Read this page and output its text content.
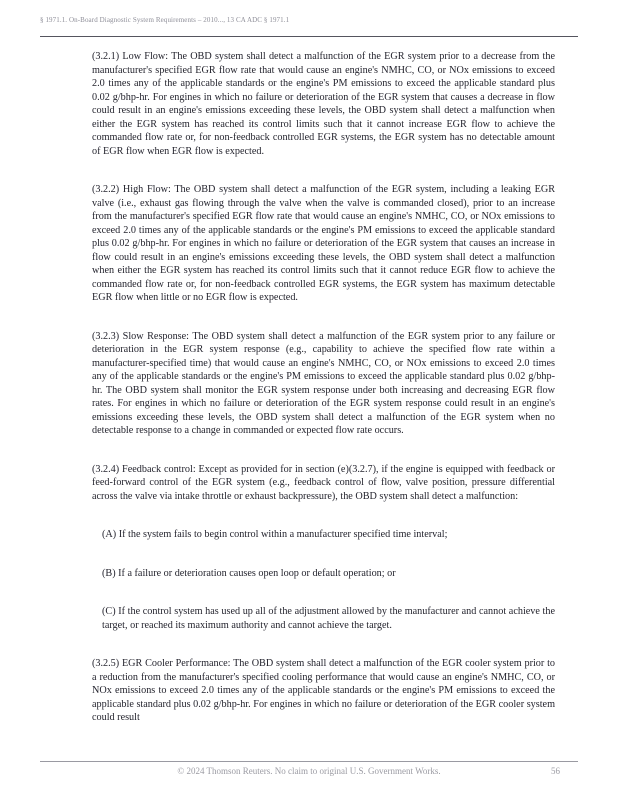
§ 1971.1. On-Board Diagnostic System Requirements – 2010..., 13 CA ADC § 1971.1

(3.2.1) Low Flow: The OBD system shall detect a malfunction of the EGR system prior to a decrease from the manufacturer's specified EGR flow rate that would cause an engine's NMHC, CO, or NOx emissions to exceed 2.0 times any of the applicable standards or the engine's PM emissions to exceed the applicable standard plus 0.02 g/bhp-hr. For engines in which no failure or deterioration of the EGR system that causes a decrease in flow could result in an engine's emissions exceeding these levels, the OBD system shall detect a malfunction when either the EGR system has reached its control limits such that it cannot increase EGR flow to achieve the commanded flow rate or, for non-feedback controlled EGR systems, the EGR system has no detectable amount of EGR flow when EGR flow is expected.

(3.2.2) High Flow: The OBD system shall detect a malfunction of the EGR system, including a leaking EGR valve (i.e., exhaust gas flowing through the valve when the valve is commanded closed), prior to an increase from the manufacturer's specified EGR flow rate that would cause an engine's NMHC, CO, or NOx emissions to exceed 2.0 times any of the applicable standards or the engine's PM emissions to exceed the applicable standard plus 0.02 g/bhp-hr. For engines in which no failure or deterioration of the EGR system that causes an increase in flow could result in an engine's emissions exceeding these levels, the OBD system shall detect a malfunction when either the EGR system has reached its control limits such that it cannot reduce EGR flow to achieve the commanded flow rate or, for non-feedback controlled EGR systems, the EGR system has maximum detectable EGR flow when little or no EGR flow is expected.

(3.2.3) Slow Response: The OBD system shall detect a malfunction of the EGR system prior to any failure or deterioration in the EGR system response (e.g., capability to achieve the specified flow rate within a manufacturer-specified time) that would cause an engine's NMHC, CO, or NOx emissions to exceed 2.0 times any of the applicable standards or the engine's PM emissions to exceed the applicable standard plus 0.02 g/bhp-hr. The OBD system shall monitor the EGR system response under both increasing and decreasing EGR flow rates. For engines in which no failure or deterioration of the EGR system response could result in an engine's emissions exceeding these levels, the OBD system shall detect a malfunction of the EGR system when no detectable response to a change in commanded or expected flow rate occurs.

(3.2.4) Feedback control: Except as provided for in section (e)(3.2.7), if the engine is equipped with feedback or feed-forward control of the EGR system (e.g., feedback control of flow, valve position, pressure differential across the valve via intake throttle or exhaust backpressure), the OBD system shall detect a malfunction:

(A) If the system fails to begin control within a manufacturer specified time interval;

(B) If a failure or deterioration causes open loop or default operation; or

(C) If the control system has used up all of the adjustment allowed by the manufacturer and cannot achieve the target, or reached its maximum authority and cannot achieve the target.

(3.2.5) EGR Cooler Performance: The OBD system shall detect a malfunction of the EGR cooler system prior to a reduction from the manufacturer's specified cooling performance that would cause an engine's NMHC, CO, or NOx emissions to exceed 2.0 times any of the applicable standards or the engine's PM emissions to exceed the applicable standard plus 0.02 g/bhp-hr. For engines in which no failure or deterioration of the EGR cooler system could result

© 2024 Thomson Reuters. No claim to original U.S. Government Works.	56
